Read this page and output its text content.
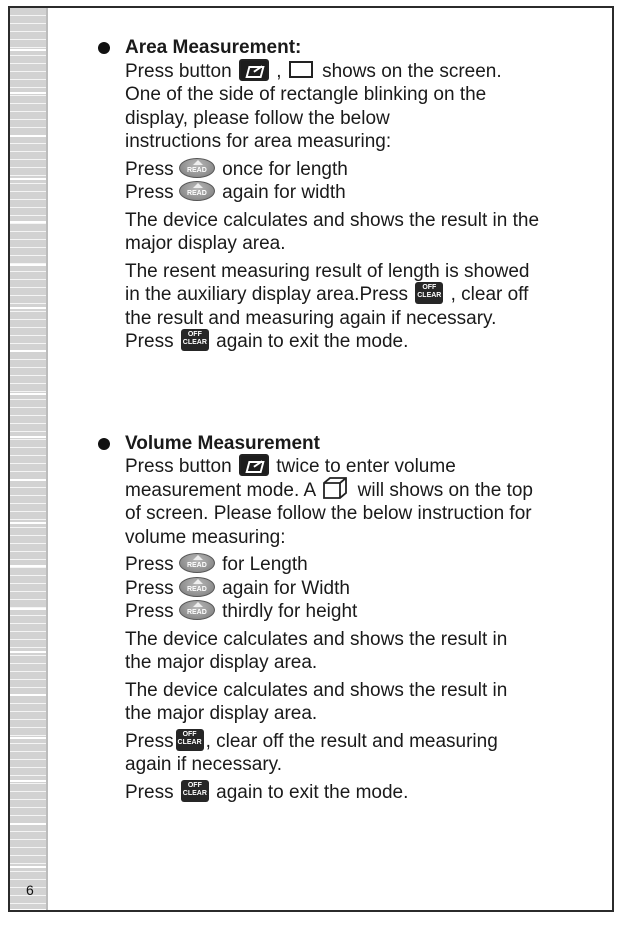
6
Area Measurement:

Press button , shows on the screen.

One of the side of rectangle blinking on the

display, please follow the below

instructions for area measuring:

Press READ	once for length

Press READ	again for width

The device calculates and shows the result in the

major display area.

The resent measuring result of length is showed

in the auxiliary display area.Press OFF CLEAR , clear off

the result and measuring again if necessary.

Press OFF CLEAR again to exit the mode.

Volume Measurement

Press button twice to enter volume

measurement mode. A will shows on the top

of screen. Please follow the below instruction for

volume measuring:

Press READ	for Length

Press READ	again for Width

Press READ	thirdly for height

The device calculates and shows the result in

the major display area.

The device calculates and shows the result in

the major display area.

Press OFF CLEAR , clear off the result and measuring

again if necessary.

Press OFF CLEAR again to exit the mode.
